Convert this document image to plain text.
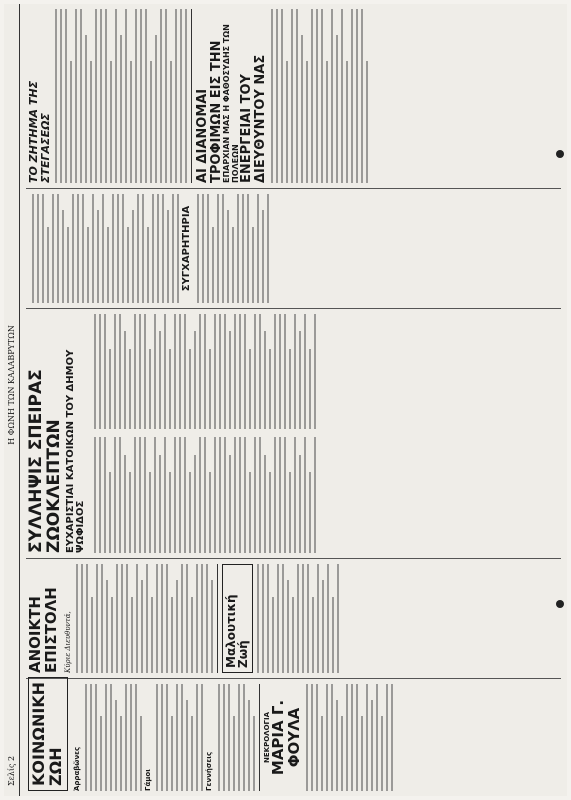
Σελίς 2
Η ΦΩΝΗ ΤΩΝ ΚΑΛΑΒΡΥΤΩΝ
ΚΟΙΝΩΝΙΚΗ ΖΩΗ Ἀρραβῶνες	Γάμοι	Γεννήσεις
ΝΕΚΡΟΛΟΓΙΑ
ΜΑΡΙΑ Γ. ΦΟΥΛΑ
ΑΝΟΙΚΤΗ ΕΠΙΣΤΟΛΗ Κύριε Διευθυντά,	Μαλουτική Ζωή
ΣΥΛΛΗΨΙΣ ΣΠΕΙΡΑΣ ΖΩΟΚΛΕΠΤΩΝ ΕΥΧΑΡΙΣΤΙΑΙ ΚΑΤΟΙΚΩΝ ΤΟΥ ΔΗΜΟΥ ΨΩΦΙΔΟΣ
ΣΥΓΧΑΡΗΤΗΡΙΑ
ΤΟ ΖΗΤΗΜΑ ΤΗΣ ΣΤΕΓΑΣΕΩΣ	ΑΙ ΔΙΑΝΟΜΑΙ ΤΡΟΦΙΜΩΝ ΕΙΣ ΤΗΝ
ΕΠΑΡΧΙΑΝ ΜΑΣ Η ΦΑΘΟΣΥΔΗΣ ΤΩΝ ΠΟΛΕΩΝ ΕΝΕΡΓΕΙΑΙ ΤΟΥ ΔΙΕΥΘΥΝΤΟΥ ΝΑΣ
